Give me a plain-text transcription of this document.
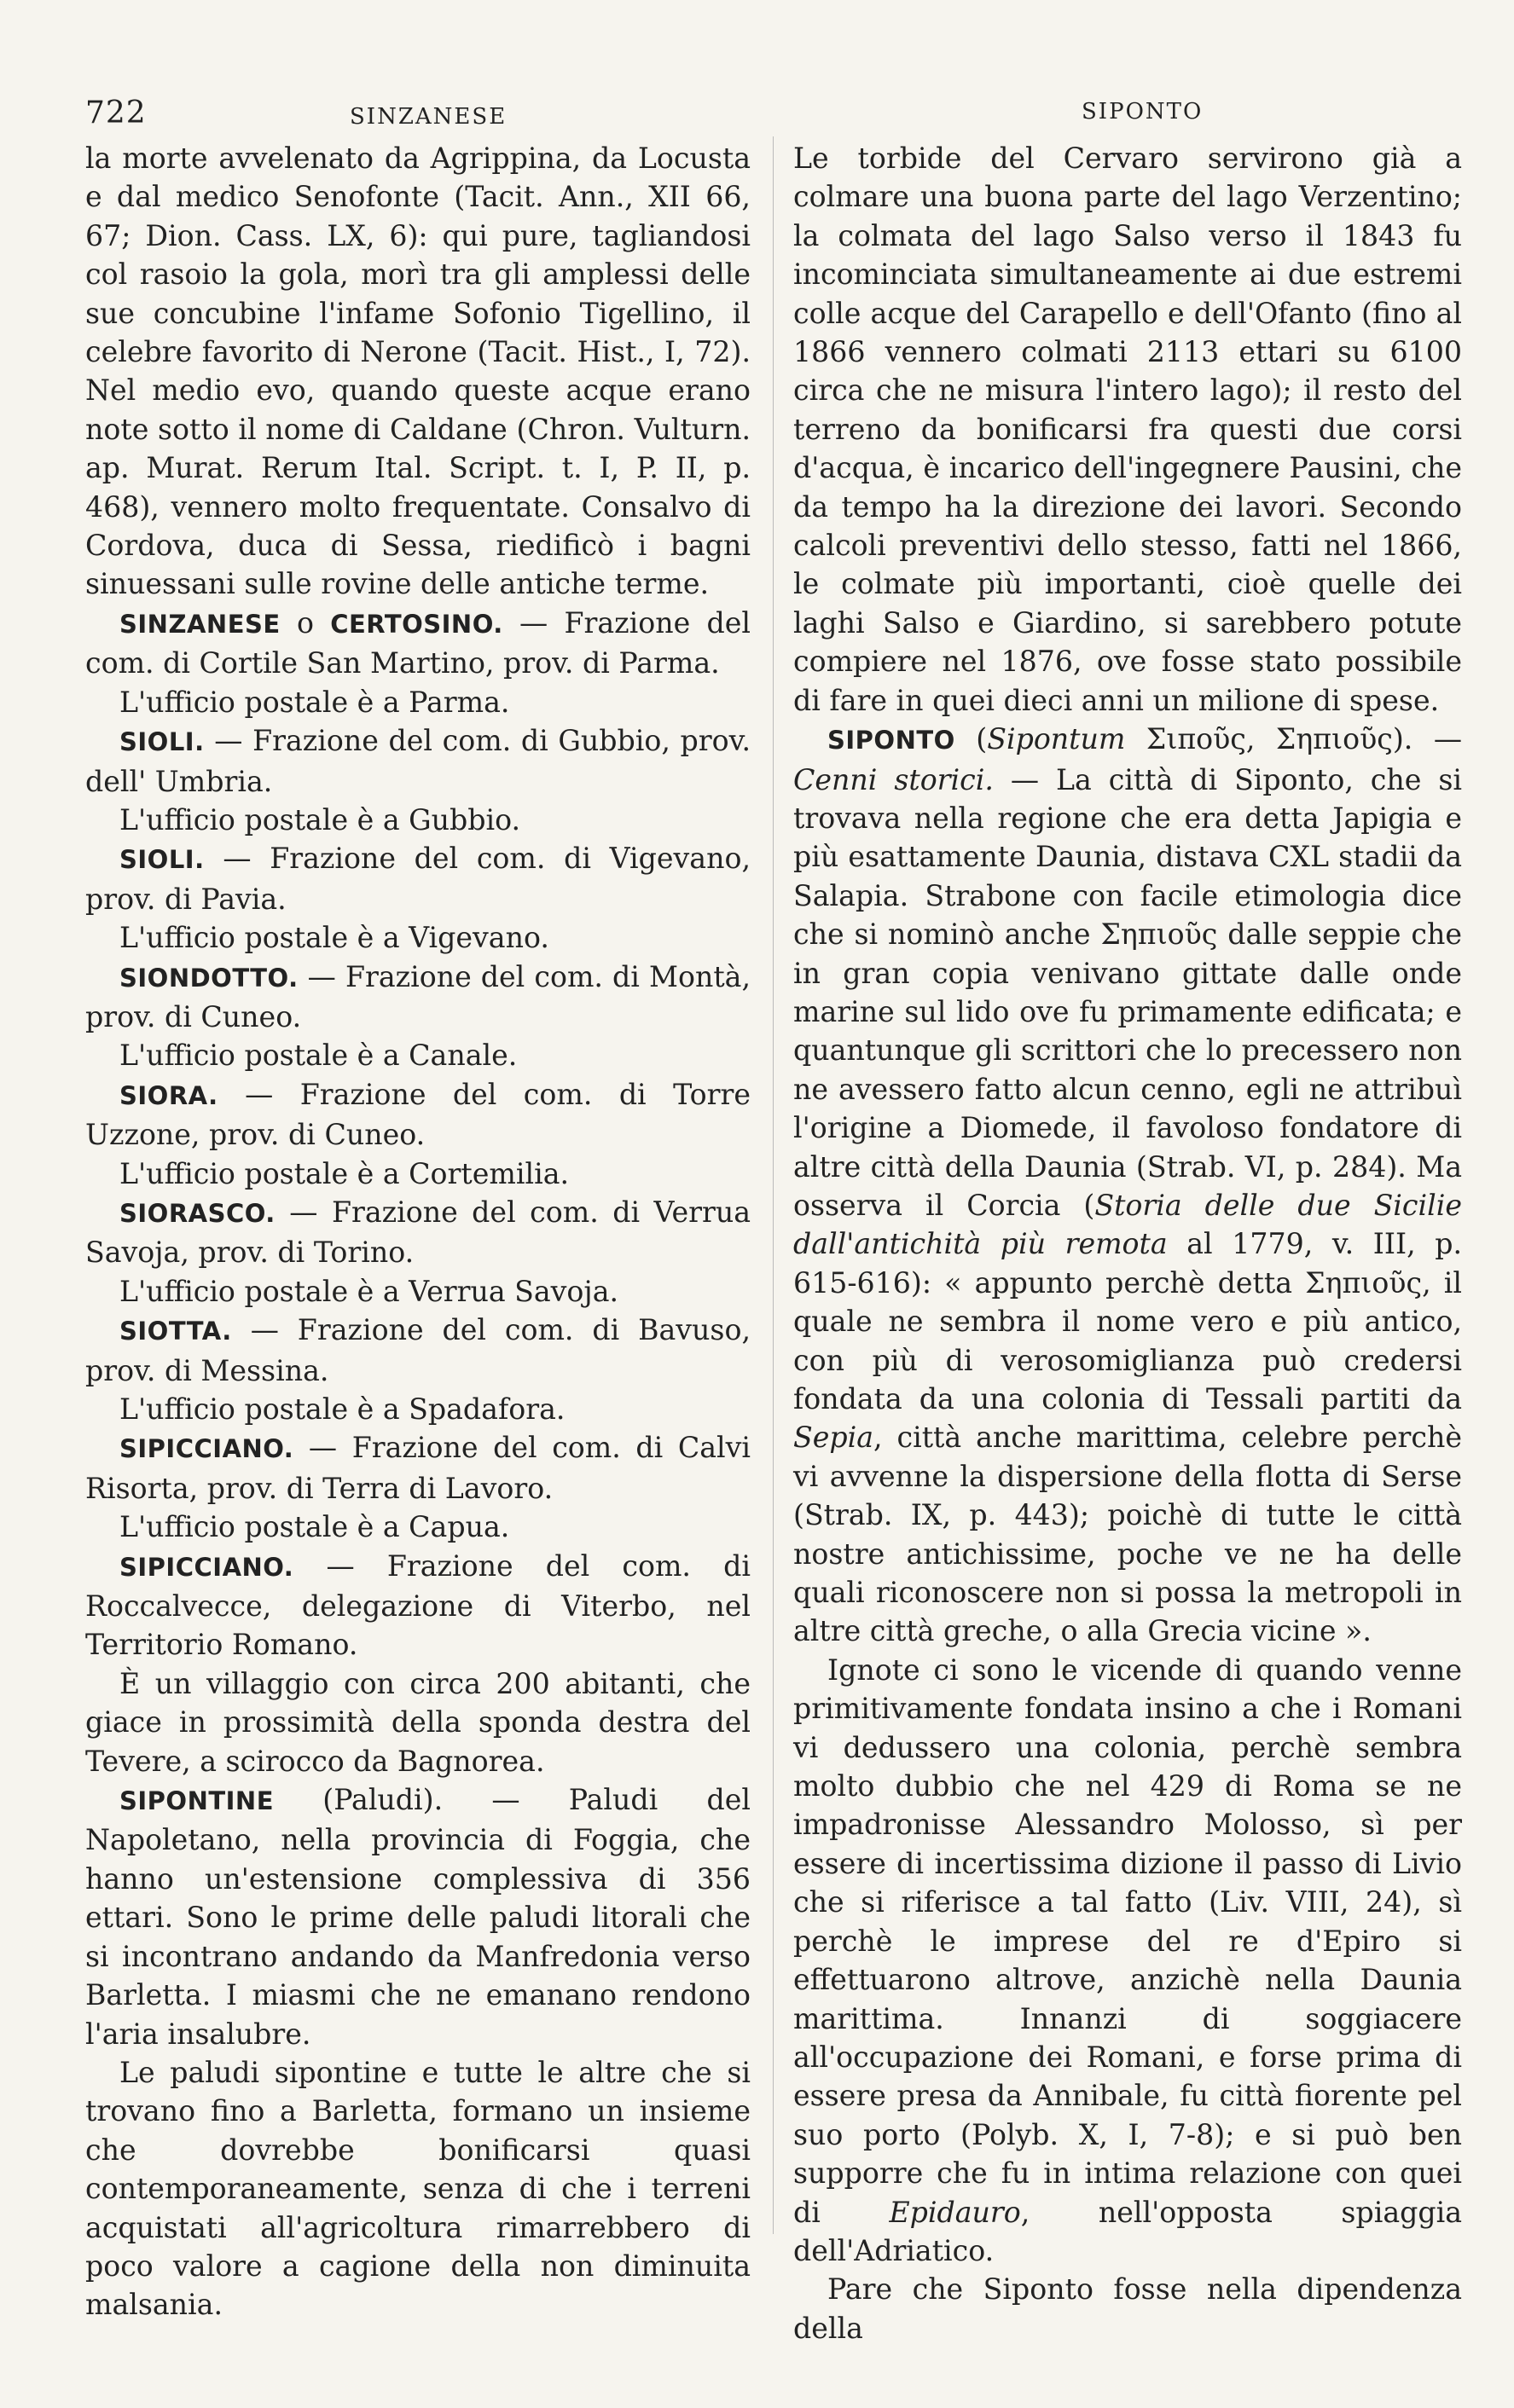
722	SINZANESE	SIPONTO

la morte avvelenato da Agrippina, da Locusta e dal medico Senofonte (Tacit. Ann., XII 66, 67; Dion. Cass. LX, 6): qui pure, tagliandosi col rasoio la gola, morì tra gli amplessi delle sue concubine l'infame Sofonio Tigellino, il celebre favorito di Nerone (Tacit. Hist., I, 72). Nel medio evo, quando queste acque erano note sotto il nome di Caldane (Chron. Vulturn. ap. Murat. Rerum Ital. Script. t. I, P. II, p. 468), vennero molto frequentate. Consalvo di Cordova, duca di Sessa, riedificò i bagni sinuessani sulle rovine delle antiche terme.

SINZANESE o CERTOSINO. — Frazione del com. di Cortile San Martino, prov. di Parma.

L'ufficio postale è a Parma.

SIOLI. — Frazione del com. di Gubbio, prov. dell' Umbria.

L'ufficio postale è a Gubbio.

SIOLI. — Frazione del com. di Vigevano, prov. di Pavia.

L'ufficio postale è a Vigevano.

SIONDOTTO. — Frazione del com. di Montà, prov. di Cuneo.

L'ufficio postale è a Canale.

SIORA. — Frazione del com. di Torre Uzzone, prov. di Cuneo.

L'ufficio postale è a Cortemilia.

SIORASCO. — Frazione del com. di Verrua Savoja, prov. di Torino.

L'ufficio postale è a Verrua Savoja.

SIOTTA. — Frazione del com. di Bavuso, prov. di Messina.

L'ufficio postale è a Spadafora.

SIPICCIANO. — Frazione del com. di Calvi Risorta, prov. di Terra di Lavoro.

L'ufficio postale è a Capua.

SIPICCIANO. — Frazione del com. di Roccalvecce, delegazione di Viterbo, nel Territorio Romano.

È un villaggio con circa 200 abitanti, che giace in prossimità della sponda destra del Tevere, a scirocco da Bagnorea.

SIPONTINE (Paludi). — Paludi del Napoletano, nella provincia di Foggia, che hanno un'estensione complessiva di 356 ettari. Sono le prime delle paludi litorali che si incontrano andando da Manfredonia verso Barletta. I miasmi che ne emanano rendono l'aria insalubre.

Le paludi sipontine e tutte le altre che si trovano fino a Barletta, formano un insieme che dovrebbe bonificarsi quasi contemporaneamente, senza di che i terreni acquistati all'agricoltura rimarrebbero di poco valore a cagione della non diminuita malsania.

Le torbide del Cervaro servirono già a colmare una buona parte del lago Verzentino; la colmata del lago Salso verso il 1843 fu incominciata simultaneamente ai due estremi colle acque del Carapello e dell'Ofanto (fino al 1866 vennero colmati 2113 ettari su 6100 circa che ne misura l'intero lago); il resto del terreno da bonificarsi fra questi due corsi d'acqua, è incarico dell'ingegnere Pausini, che da tempo ha la direzione dei lavori. Secondo calcoli preventivi dello stesso, fatti nel 1866, le colmate più importanti, cioè quelle dei laghi Salso e Giardino, si sarebbero potute compiere nel 1876, ove fosse stato possibile di fare in quei dieci anni un milione di spese.

SIPONTO (Sipontum Σιποῦς, Σηπιοῦς). — Cenni storici. — La città di Siponto, che si trovava nella regione che era detta Japigia e più esattamente Daunia, distava CXL stadii da Salapia. Strabone con facile etimologia dice che si nominò anche Σηπιοῦς dalle seppie che in gran copia venivano gittate dalle onde marine sul lido ove fu primamente edificata; e quantunque gli scrittori che lo precessero non ne avessero fatto alcun cenno, egli ne attribuì l'origine a Diomede, il favoloso fondatore di altre città della Daunia (Strab. VI, p. 284). Ma osserva il Corcia (Storia delle due Sicilie dall'antichità più remota al 1779, v. III, p. 615-616): « appunto perchè detta Σηπιοῦς, il quale ne sembra il nome vero e più antico, con più di verosomiglianza può credersi fondata da una colonia di Tessali partiti da Sepia, città anche marittima, celebre perchè vi avvenne la dispersione della flotta di Serse (Strab. IX, p. 443); poichè di tutte le città nostre antichissime, poche ve ne ha delle quali riconoscere non si possa la metropoli in altre città greche, o alla Grecia vicine ».

Ignote ci sono le vicende di quando venne primitivamente fondata insino a che i Romani vi dedussero una colonia, perchè sembra molto dubbio che nel 429 di Roma se ne impadronisse Alessandro Molosso, sì per essere di incertissima dizione il passo di Livio che si riferisce a tal fatto (Liv. VIII, 24), sì perchè le imprese del re d'Epiro si effettuarono altrove, anzichè nella Daunia marittima. Innanzi di soggiacere all'occupazione dei Romani, e forse prima di essere presa da Annibale, fu città fiorente pel suo porto (Polyb. X, I, 7-8); e si può ben supporre che fu in intima relazione con quei di Epidauro, nell'opposta spiaggia dell'Adriatico.

Pare che Siponto fosse nella dipendenza della
